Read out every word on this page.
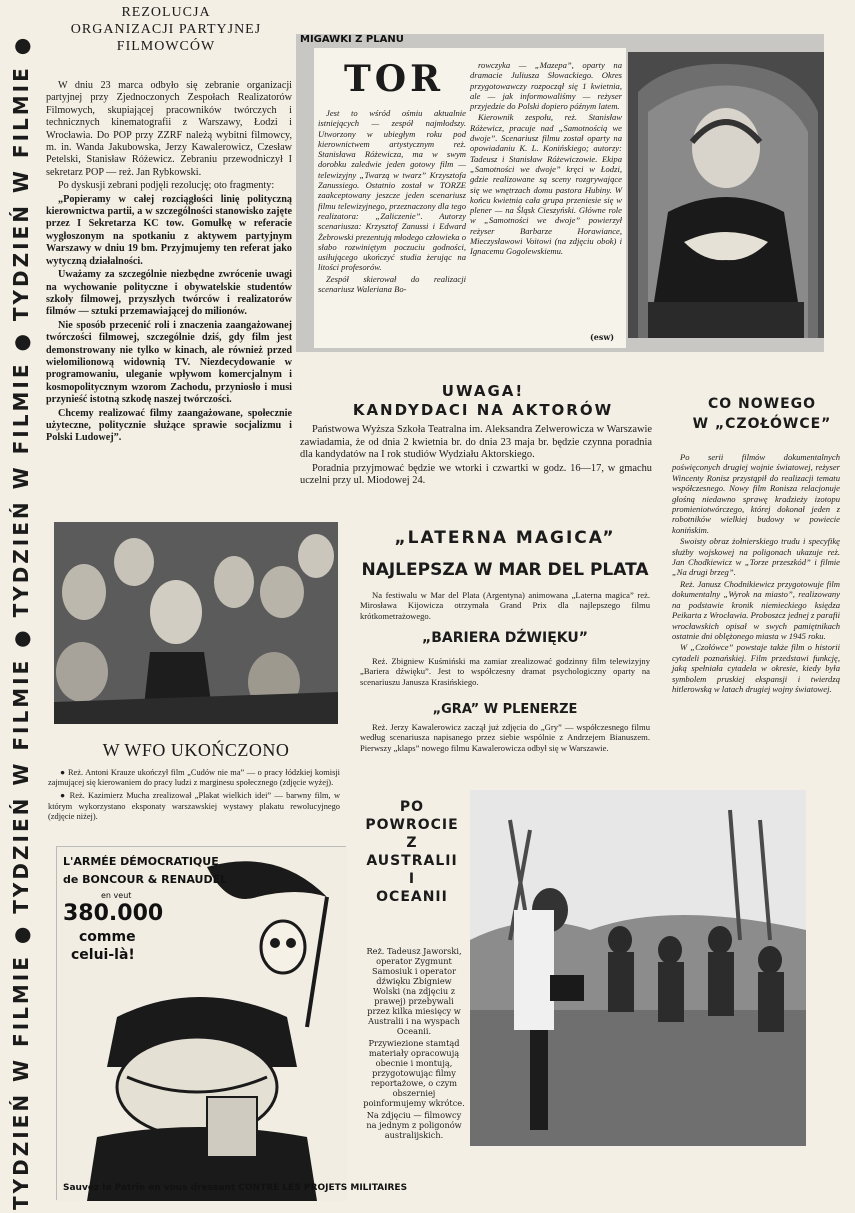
TYDZIEŃ W FILMIE ● TYDZIEŃ W FILMIE ● TYDZIEŃ W FILMIE ● TYDZIEŃ W FILMIE ●
REZOLUCJA
ORGANIZACJI PARTYJNEJ
FILMOWCÓW

W dniu 23 marca odbyło się zebranie organizacji partyjnej przy Zjednoczonych Zespołach Realizatorów Filmowych, skupiającej pracowników twórczych i technicznych kinematografii z Warszawy, Łodzi i Wrocławia. Do POP przy ZZRF należą wybitni filmowcy, m. in. Wanda Jakubowska, Jerzy Kawalerowicz, Czesław Petelski, Stanisław Różewicz. Zebraniu przewodniczył I sekretarz POP — reż. Jan Rybkowski.

Po dyskusji zebrani podjęli rezolucję; oto fragmenty:

„Popieramy w całej rozciągłości linię polityczną kierownictwa partii, a w szczególności stanowisko zajęte przez I Sekretarza KC tow. Gomułkę w referacie wygłoszonym na spotkaniu z aktywem partyjnym Warszawy w dniu 19 bm. Przyjmujemy ten referat jako wytyczną działalności.

Uważamy za szczególnie niezbędne zwrócenie uwagi na wychowanie polityczne i obywatelskie studentów szkoły filmowej, przyszłych twórców i realizatorów filmów — sztuki przemawiającej do milionów.

Nie sposób przecenić roli i znaczenia zaangażowanej twórczości filmowej, szczególnie dziś, gdy film jest demonstrowany nie tylko w kinach, ale również przed wielomilionową widownią TV. Niezdecydowanie w programowaniu, uleganie wpływom komercjalnym i kosmopolitycznym wzorom Zachodu, przyniosło i musi przynieść istotną szkodę naszej twórczości.

Chcemy realizować filmy zaangażowane, społecznie użyteczne, politycznie służące sprawie socjalizmu i Polski Ludowej”.

MIGAWKI Z PLANU
TOR

Jest to wśród ośmiu aktualnie istniejących — zespół najmłodszy. Utworzony w ubiegłym roku pod kierownictwem artystycznym reż. Stanisława Różewicza, ma w swym dorobku zaledwie jeden gotowy film — telewizyjny „Twarzą w twarz” Krzysztofa Zanussiego. Ostatnio został w TORZE zaakceptowany jeszcze jeden scenariusz filmu telewizyjnego, przeznaczony dla tego realizatora: „Zaliczenie”. Autorzy scenariusza: Krzysztof Zanussi i Edward Żebrowski prezentują młodego człowieka o słabo rozwiniętym poczuciu godności, usiłującego ukończyć studia żerując na litości profesorów.

Zespół skierował do realizacji scenariusz Waleriana Bo-

rowczyka — „Mazepa”, oparty na dramacie Juliusza Słowackiego. Okres przygotowawczy rozpoczął się 1 kwietnia, ale — jak informowaliśmy — reżyser przyjedzie do Polski dopiero późnym latem.

Kierownik zespołu, reż. Stanisław Różewicz, pracuje nad „Samotnością we dwoje”. Scenariusz filmu został oparty na opowiadaniu K. L. Konińskiego; autorzy: Tadeusz i Stanisław Różewiczowie. Ekipa „Samotności we dwoje” kręci w Łodzi, gdzie realizowane są sceny rozgrywające się we wnętrzach domu pastora Hubiny. W końcu kwietnia cała grupa przeniesie się w plener — na Śląsk Cieszyński. Główne role w „Samotności we dwoje” powierzył reżyser Barbarze Horawiance, Mieczysławowi Voitowi (na zdjęciu obok) i Ignacemu Gogolewskiemu.

(esw)
UWAGA!
KANDYDACI NA AKTORÓW

Państwowa Wyższa Szkoła Teatralna im. Aleksandra Zelwerowicza w Warszawie zawiadamia, że od dnia 2 kwietnia br. do dnia 23 maja br. będzie czynna poradnia dla kandydatów na I rok studiów Wydziału Aktorskiego.

Poradnia przyjmować będzie we wtorki i czwartki w godz. 16—17, w gmachu uczelni przy ul. Miodowej 24.

CO NOWEGO
W „CZOŁÓWCE”

Po serii filmów dokumentalnych poświęconych drugiej wojnie światowej, reżyser Wincenty Ronisz przystąpił do realizacji tematu współczesnego. Nowy film Ronisza relacjonuje głośną niedawno sprawę kradzieży izotopu promieniotwórczego, której dokonał jeden z robotników wielkiej budowy w powiecie konińskim.

Swoisty obraz żołnierskiego trudu i specyfikę służby wojskowej na poligonach ukazuje reż. Jan Chodkiewicz w „Torze przeszkód” i filmie „Na drugi brzeg”.

Reż. Janusz Chodnikiewicz przygotowuje film dokumentalny „Wyrok na miasto”, realizowany na podstawie kronik niemieckiego księdza Peikarta z Wrocławia. Proboszcz jednej z parafii wrocławskich opisał w swych pamiętnikach ostatnie dni oblężonego miasta w 1945 roku.

W „Czołówce” powstaje także film o historii cytadeli poznańskiej. Film przedstawi funkcję, jaką spełniała cytadela w okresie, kiedy była symbolem pruskiej ekspansji i twierdzą hitlerowską w latach drugiej wojny światowej.

„LATERNA MAGICA”
NAJLEPSZA W MAR DEL PLATA

Na festiwalu w Mar del Plata (Argentyna) animowana „Laterna magica” reż. Mirosława Kijowicza otrzymała Grand Prix dla najlepszego filmu krótkometrażowego.

„BARIERA DŹWIĘKU”

Reż. Zbigniew Kuśmiński ma zamiar zrealizować godzinny film telewizyjny „Bariera dźwięku”. Jest to współczesny dramat psychologiczny oparty na scenariuszu Janusza Krasińskiego.

„GRA” W PLENERZE

Reż. Jerzy Kawalerowicz zaczął już zdjęcia do „Gry” — współczesnego filmu według scenariusza napisanego przez siebie wspólnie z Andrzejem Bianuszem. Pierwszy „klaps” nowego filmu Kawalerowicza odbył się w Warszawie.

W WFO UKOŃCZONO

● Reż. Antoni Krauze ukończył film „Cudów nie ma” — o pracy łódzkiej komisji zajmującej się kierowaniem do pracy ludzi z marginesu społecznego (zdjęcie wyżej).

● Reż. Kazimierz Mucha zrealizował „Plakat wielkich idei” — barwny film, w którym wykorzystano eksponaty warszawskiej wystawy plakatu rewolucyjnego (zdjęcie niżej).

PO
POWROCIE
Z
AUSTRALII
I
OCEANII

Reż. Tadeusz Jaworski, operator Zygmunt Samosiuk i operator dźwięku Zbigniew Wolski (na zdjęciu z prawej) przebywali przez kilka miesięcy w Australii i na wyspach Oceanii.

Przywiezione stamtąd materiały opracowują obecnie i montują, przygotowując filmy reportażowe, o czym obszerniej poinformujemy wkrótce.

Na zdjęciu — filmowcy na jednym z poligonów australijskich.

L'ARMÉE DÉMOCRATIQUE
de BONCOUR & RENAUDEL
en veut
380.000
comme
celui-là!
Sauvez la Patrie en vous dressant CONTRE LES PROJETS MILITAIRES
